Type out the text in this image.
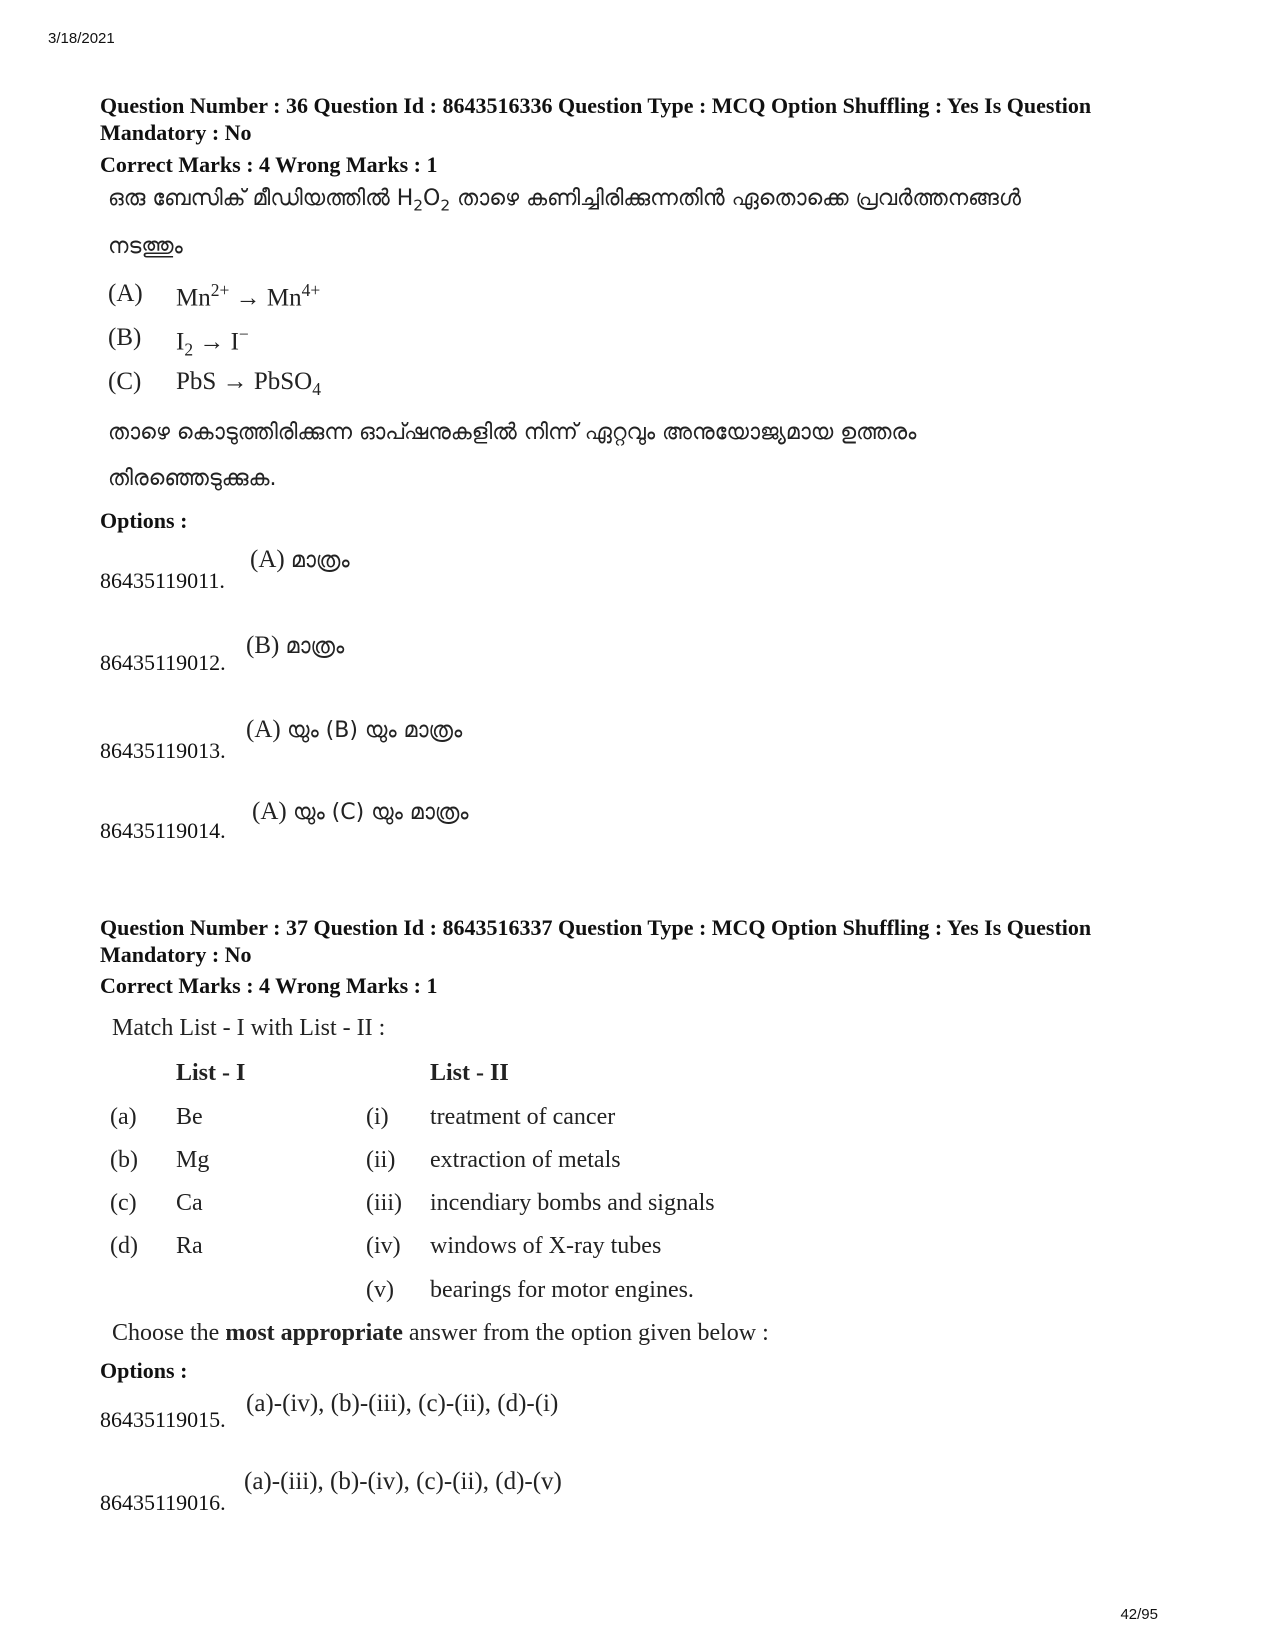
3/18/2021
42/95
Question Number : 36 Question Id : 8643516336 Question Type : MCQ Option Shuffling : Yes Is Question Mandatory : No
Correct Marks : 4 Wrong Marks : 1
ഒരു ബേസിക് മീഡിയത്തിൽ $H_2O_2$ താഴെ കണിച്ചിരിക്കുന്നതിൻ ഏതൊക്കെ പ്രവർത്തനങ്ങൾ
നടത്തും
(A) $Mn^{2+} \to Mn^{4+}$
(B) $I_2 \to I^-$
(C) PbS → PbSO$_4$
താഴെ കൊടുത്തിരിക്കുന്ന ഓപ്ഷനുകളിൽ നിന്ന് ഏറ്റവും അനുയോജ്യമായ ഉത്തരം
തിരഞ്ഞെടുക്കുക.
Options :
86435119011.
(A) മാത്രം
86435119012.
(B) മാത്രം
86435119013.
(A) യും (B) യും മാത്രം
86435119014.
(A) യും (C) യും മാത്രം
Question Number : 37 Question Id : 8643516337 Question Type : MCQ Option Shuffling : Yes Is Question Mandatory : No
Correct Marks : 4 Wrong Marks : 1
Match List - I with List - II :
List - I	List - II
(a) Be	(i) treatment of cancer
(b) Mg	(ii) extraction of metals
(c) Ca	(iii) incendiary bombs and signals
(d) Ra	(iv) windows of X-ray tubes
(v) bearings for motor engines.
Choose the most appropriate answer from the option given below :
Options :
86435119015.
(a)-(iv), (b)-(iii), (c)-(ii), (d)-(i)
86435119016.
(a)-(iii), (b)-(iv), (c)-(ii), (d)-(v)
